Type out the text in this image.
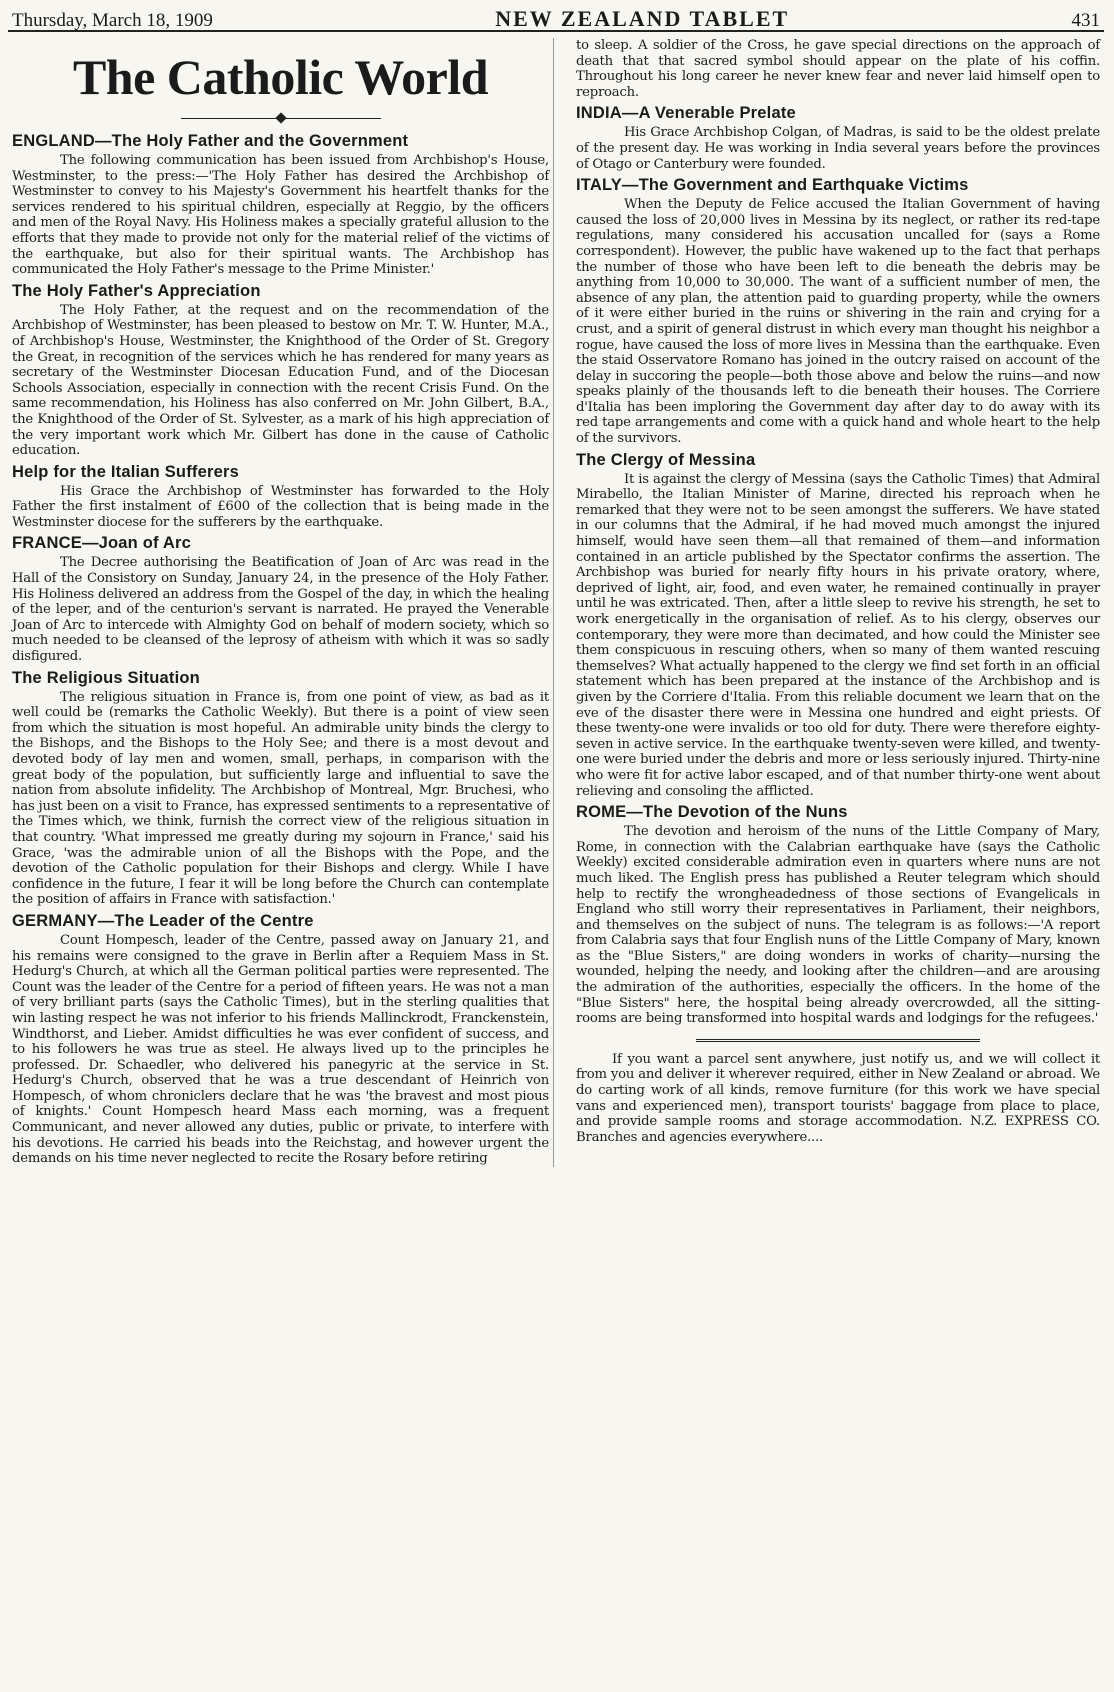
Thursday, March 18, 1909	NEW ZEALAND TABLET	431
The Catholic World
ENGLAND—The Holy Father and the Government

The following communication has been issued from Archbishop's House, Westminster, to the press:—'The Holy Father has desired the Archbishop of Westminster to convey to his Majesty's Government his heartfelt thanks for the services rendered to his spiritual children, especially at Reggio, by the officers and men of the Royal Navy. His Holiness makes a specially grateful allusion to the efforts that they made to provide not only for the material relief of the victims of the earthquake, but also for their spiritual wants. The Archbishop has communicated the Holy Father's message to the Prime Minister.'

The Holy Father's Appreciation

The Holy Father, at the request and on the recommendation of the Archbishop of Westminster, has been pleased to bestow on Mr. T. W. Hunter, M.A., of Archbishop's House, Westminster, the Knighthood of the Order of St. Gregory the Great, in recognition of the services which he has rendered for many years as secretary of the Westminster Diocesan Education Fund, and of the Diocesan Schools Association, especially in connection with the recent Crisis Fund. On the same recommendation, his Holiness has also conferred on Mr. John Gilbert, B.A., the Knighthood of the Order of St. Sylvester, as a mark of his high appreciation of the very important work which Mr. Gilbert has done in the cause of Catholic education.

Help for the Italian Sufferers

His Grace the Archbishop of Westminster has forwarded to the Holy Father the first instalment of £600 of the collection that is being made in the Westminster diocese for the sufferers by the earthquake.

FRANCE—Joan of Arc

The Decree authorising the Beatification of Joan of Arc was read in the Hall of the Consistory on Sunday, January 24, in the presence of the Holy Father. His Holiness delivered an address from the Gospel of the day, in which the healing of the leper, and of the centurion's servant is narrated. He prayed the Venerable Joan of Arc to intercede with Almighty God on behalf of modern society, which so much needed to be cleansed of the leprosy of atheism with which it was so sadly disfigured.

The Religious Situation

The religious situation in France is, from one point of view, as bad as it well could be (remarks the Catholic Weekly). But there is a point of view seen from which the situation is most hopeful. An admirable unity binds the clergy to the Bishops, and the Bishops to the Holy See; and there is a most devout and devoted body of lay men and women, small, perhaps, in comparison with the great body of the population, but sufficiently large and influential to save the nation from absolute infidelity. The Archbishop of Montreal, Mgr. Bruchesi, who has just been on a visit to France, has expressed sentiments to a representative of the Times which, we think, furnish the correct view of the religious situation in that country. 'What impressed me greatly during my sojourn in France,' said his Grace, 'was the admirable union of all the Bishops with the Pope, and the devotion of the Catholic population for their Bishops and clergy. While I have confidence in the future, I fear it will be long before the Church can contemplate the position of affairs in France with satisfaction.'

GERMANY—The Leader of the Centre

Count Hompesch, leader of the Centre, passed away on January 21, and his remains were consigned to the grave in Berlin after a Requiem Mass in St. Hedurg's Church, at which all the German political parties were represented. The Count was the leader of the Centre for a period of fifteen years. He was not a man of very brilliant parts (says the Catholic Times), but in the sterling qualities that win lasting respect he was not inferior to his friends Mallinckrodt, Franckenstein, Windthorst, and Lieber. Amidst difficulties he was ever confident of success, and to his followers he was true as steel. He always lived up to the principles he professed. Dr. Schaedler, who delivered his panegyric at the service in St. Hedurg's Church, observed that he was a true descendant of Heinrich von Hompesch, of whom chroniclers declare that he was 'the bravest and most pious of knights.' Count Hompesch heard Mass each morning, was a frequent Communicant, and never allowed any duties, public or private, to interfere with his devotions. He carried his beads into the Reichstag, and however urgent the demands on his time never neglected to recite the Rosary before retiring

to sleep. A soldier of the Cross, he gave special directions on the approach of death that that sacred symbol should appear on the plate of his coffin. Throughout his long career he never knew fear and never laid himself open to reproach.

INDIA—A Venerable Prelate

His Grace Archbishop Colgan, of Madras, is said to be the oldest prelate of the present day. He was working in India several years before the provinces of Otago or Canterbury were founded.

ITALY—The Government and Earthquake Victims

When the Deputy de Felice accused the Italian Government of having caused the loss of 20,000 lives in Messina by its neglect, or rather its red-tape regulations, many considered his accusation uncalled for (says a Rome correspondent). However, the public have wakened up to the fact that perhaps the number of those who have been left to die beneath the debris may be anything from 10,000 to 30,000. The want of a sufficient number of men, the absence of any plan, the attention paid to guarding property, while the owners of it were either buried in the ruins or shivering in the rain and crying for a crust, and a spirit of general distrust in which every man thought his neighbor a rogue, have caused the loss of more lives in Messina than the earthquake. Even the staid Osservatore Romano has joined in the outcry raised on account of the delay in succoring the people—both those above and below the ruins—and now speaks plainly of the thousands left to die beneath their houses. The Corriere d'Italia has been imploring the Government day after day to do away with its red tape arrangements and come with a quick hand and whole heart to the help of the survivors.

The Clergy of Messina

It is against the clergy of Messina (says the Catholic Times) that Admiral Mirabello, the Italian Minister of Marine, directed his reproach when he remarked that they were not to be seen amongst the sufferers. We have stated in our columns that the Admiral, if he had moved much amongst the injured himself, would have seen them—all that remained of them—and information contained in an article published by the Spectator confirms the assertion. The Archbishop was buried for nearly fifty hours in his private oratory, where, deprived of light, air, food, and even water, he remained continually in prayer until he was extricated. Then, after a little sleep to revive his strength, he set to work energetically in the organisation of relief. As to his clergy, observes our contemporary, they were more than decimated, and how could the Minister see them conspicuous in rescuing others, when so many of them wanted rescuing themselves? What actually happened to the clergy we find set forth in an official statement which has been prepared at the instance of the Archbishop and is given by the Corriere d'Italia. From this reliable document we learn that on the eve of the disaster there were in Messina one hundred and eight priests. Of these twenty-one were invalids or too old for duty. There were therefore eighty-seven in active service. In the earthquake twenty-seven were killed, and twenty-one were buried under the debris and more or less seriously injured. Thirty-nine who were fit for active labor escaped, and of that number thirty-one went about relieving and consoling the afflicted.

ROME—The Devotion of the Nuns

The devotion and heroism of the nuns of the Little Company of Mary, Rome, in connection with the Calabrian earthquake have (says the Catholic Weekly) excited considerable admiration even in quarters where nuns are not much liked. The English press has published a Reuter telegram which should help to rectify the wrongheadedness of those sections of Evangelicals in England who still worry their representatives in Parliament, their neighbors, and themselves on the subject of nuns. The telegram is as follows:—'A report from Calabria says that four English nuns of the Little Company of Mary, known as the "Blue Sisters," are doing wonders in works of charity—nursing the wounded, helping the needy, and looking after the children—and are arousing the admiration of the authorities, especially the officers. In the home of the "Blue Sisters" here, the hospital being already overcrowded, all the sitting-rooms are being transformed into hospital wards and lodgings for the refugees.'

If you want a parcel sent anywhere, just notify us, and we will collect it from you and deliver it wherever required, either in New Zealand or abroad. We do carting work of all kinds, remove furniture (for this work we have special vans and experienced men), transport tourists' baggage from place to place, and provide sample rooms and storage accommodation. N.Z. EXPRESS CO. Branches and agencies everywhere....
